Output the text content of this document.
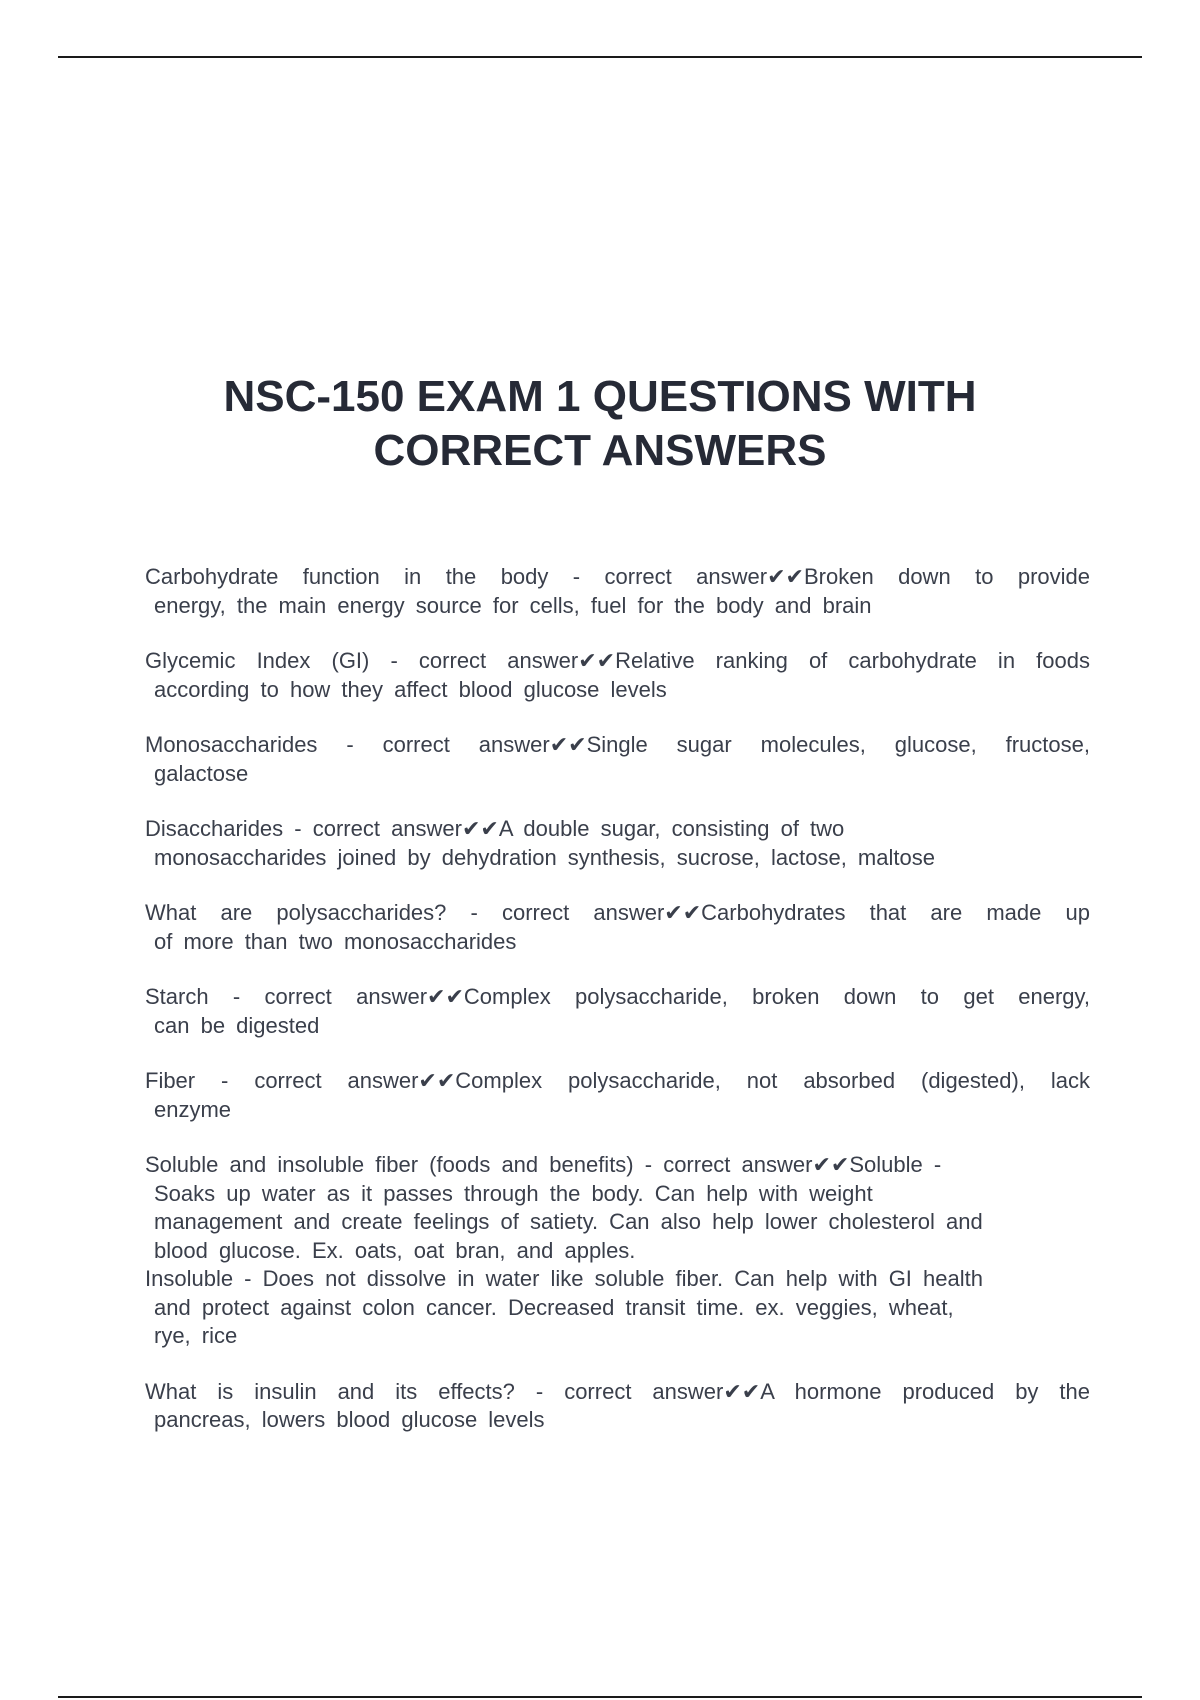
NSC-150 EXAM 1 QUESTIONS WITH
CORRECT ANSWERS
Carbohydrate function in the body - correct answer✔✔Broken down to provide
energy, the main energy source for cells, fuel for the body and brain
Glycemic Index (GI) - correct answer✔✔Relative ranking of carbohydrate in foods
according to how they affect blood glucose levels
Monosaccharides - correct answer✔✔Single sugar molecules, glucose, fructose,
galactose
Disaccharides - correct answer✔✔A double sugar, consisting of two
monosaccharides joined by dehydration synthesis, sucrose, lactose, maltose
What are polysaccharides? - correct answer✔✔Carbohydrates that are made up
of more than two monosaccharides
Starch - correct answer✔✔Complex polysaccharide, broken down to get energy,
can be digested
Fiber - correct answer✔✔Complex polysaccharide, not absorbed (digested), lack
enzyme
Soluble and insoluble fiber (foods and benefits) - correct answer✔✔Soluble -
Soaks up water as it passes through the body. Can help with weight
management and create feelings of satiety. Can also help lower cholesterol and
blood glucose. Ex. oats, oat bran, and apples.
Insoluble - Does not dissolve in water like soluble fiber. Can help with GI health
and protect against colon cancer. Decreased transit time. ex. veggies, wheat,
rye, rice
What is insulin and its effects? - correct answer✔✔A hormone produced by the
pancreas, lowers blood glucose levels
